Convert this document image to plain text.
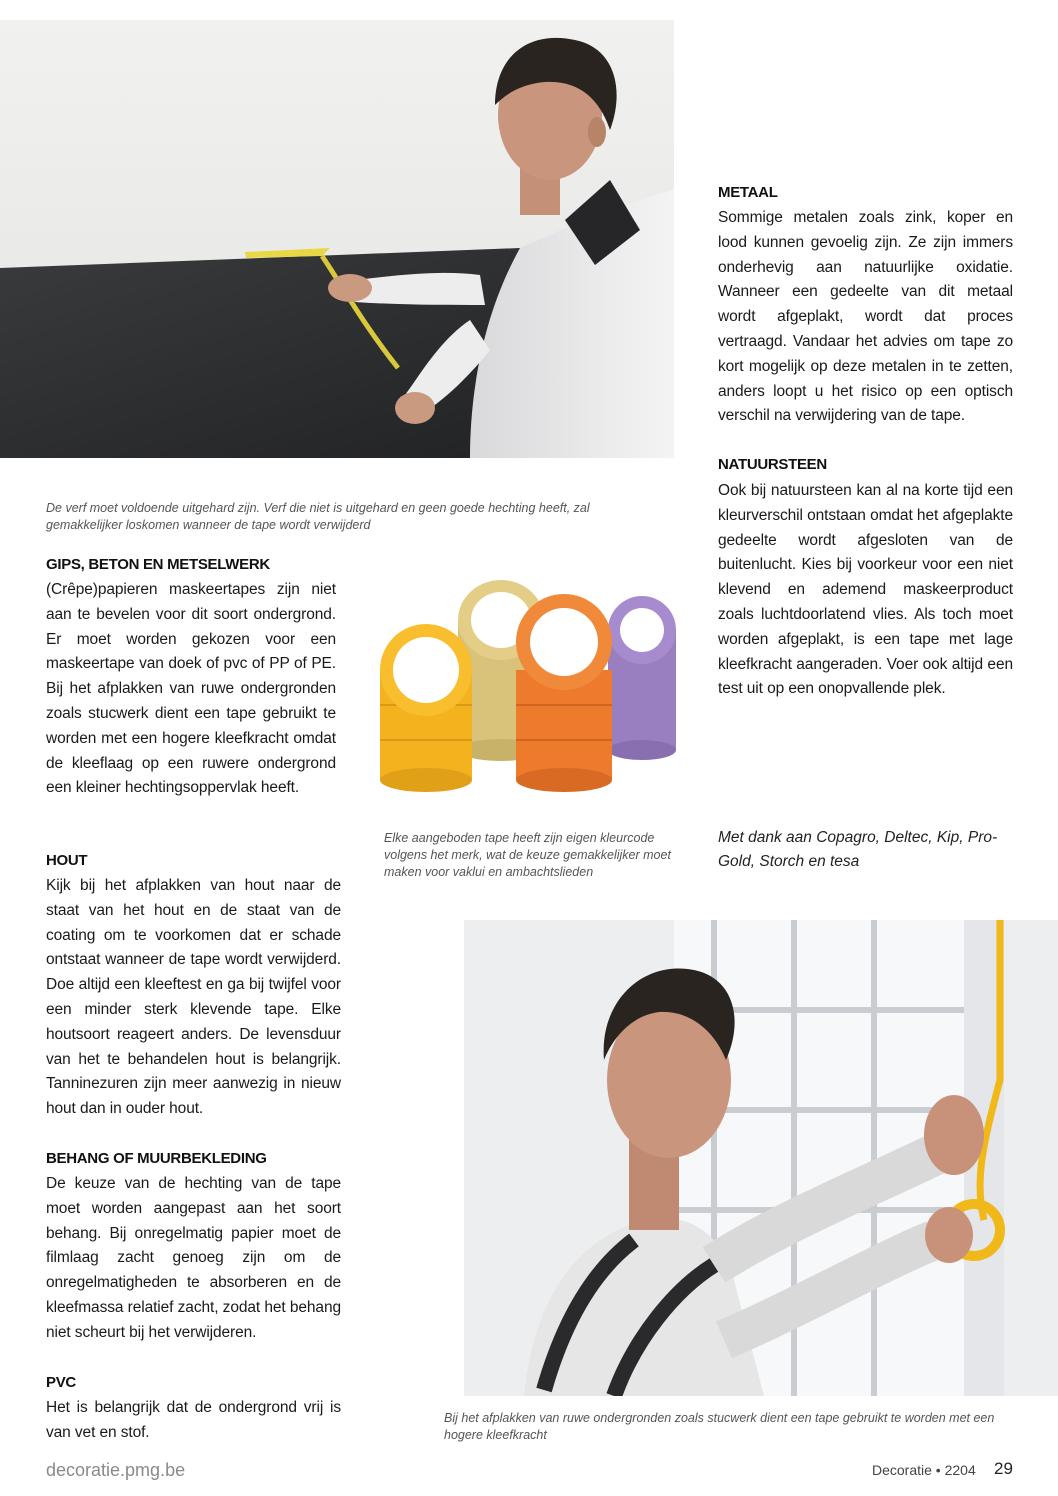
De verf moet voldoende uitgehard zijn. Verf die niet is uitgehard en geen goede hechting heeft, zal gemakkelijker loskomen wanneer de tape wordt verwijderd
GIPS, BETON EN METSELWERK
(Crêpe)papieren maskeertapes zijn niet aan te bevelen voor dit soort ondergrond. Er moet worden gekozen voor een maskeertape van doek of pvc of PP of PE. Bij het afplakken van ruwe ondergronden zoals stucwerk dient een tape gebruikt te worden met een hogere kleefkracht omdat de kleeflaag op een ruwere ondergrond een kleiner hechtingsoppervlak heeft.
HOUT
Kijk bij het afplakken van hout naar de staat van het hout en de staat van de coating om te voorkomen dat er schade ontstaat wanneer de tape wordt verwijderd. Doe altijd een kleeftest en ga bij twijfel voor een minder sterk klevende tape. Elke houtsoort reageert anders. De levensduur van het te behandelen hout is belangrijk. Tanninezuren zijn meer aanwezig in nieuw hout dan in ouder hout.
BEHANG OF MUURBEKLEDING
De keuze van de hechting van de tape moet worden aangepast aan het soort behang. Bij onregelmatig papier moet de filmlaag zacht genoeg zijn om de onregelmatigheden te absorberen en de kleefmassa relatief zacht, zodat het behang niet scheurt bij het verwijderen.
PVC
Het is belangrijk dat de ondergrond vrij is van vet en stof.
Elke aangeboden tape heeft zijn eigen kleurcode volgens het merk, wat de keuze gemakkelijker moet maken voor vaklui en ambachtslieden
METAAL
Sommige metalen zoals zink, koper en lood kunnen gevoelig zijn. Ze zijn immers onderhevig aan natuurlijke oxidatie. Wanneer een gedeelte van dit metaal wordt afgeplakt, wordt dat proces vertraagd. Vandaar het advies om tape zo kort mogelijk op deze metalen in te zetten, anders loopt u het risico op een optisch verschil na verwijdering van de tape.
NATUURSTEEN
Ook bij natuursteen kan al na korte tijd een kleurverschil ontstaan omdat het afgeplakte gedeelte wordt afgesloten van de buitenlucht. Kies bij voorkeur voor een niet klevend en ademend maskeerproduct zoals luchtdoorlatend vlies. Als toch moet worden afgeplakt, is een tape met lage kleefkracht aangeraden. Voer ook altijd een test uit op een onopvallende plek.
Met dank aan Copagro, Deltec, Kip, Pro-Gold, Storch en tesa
Bij het afplakken van ruwe ondergronden zoals stucwerk dient een tape gebruikt te worden met een hogere kleefkracht
decoratie.pmg.be	Decoratie • 2204 29
